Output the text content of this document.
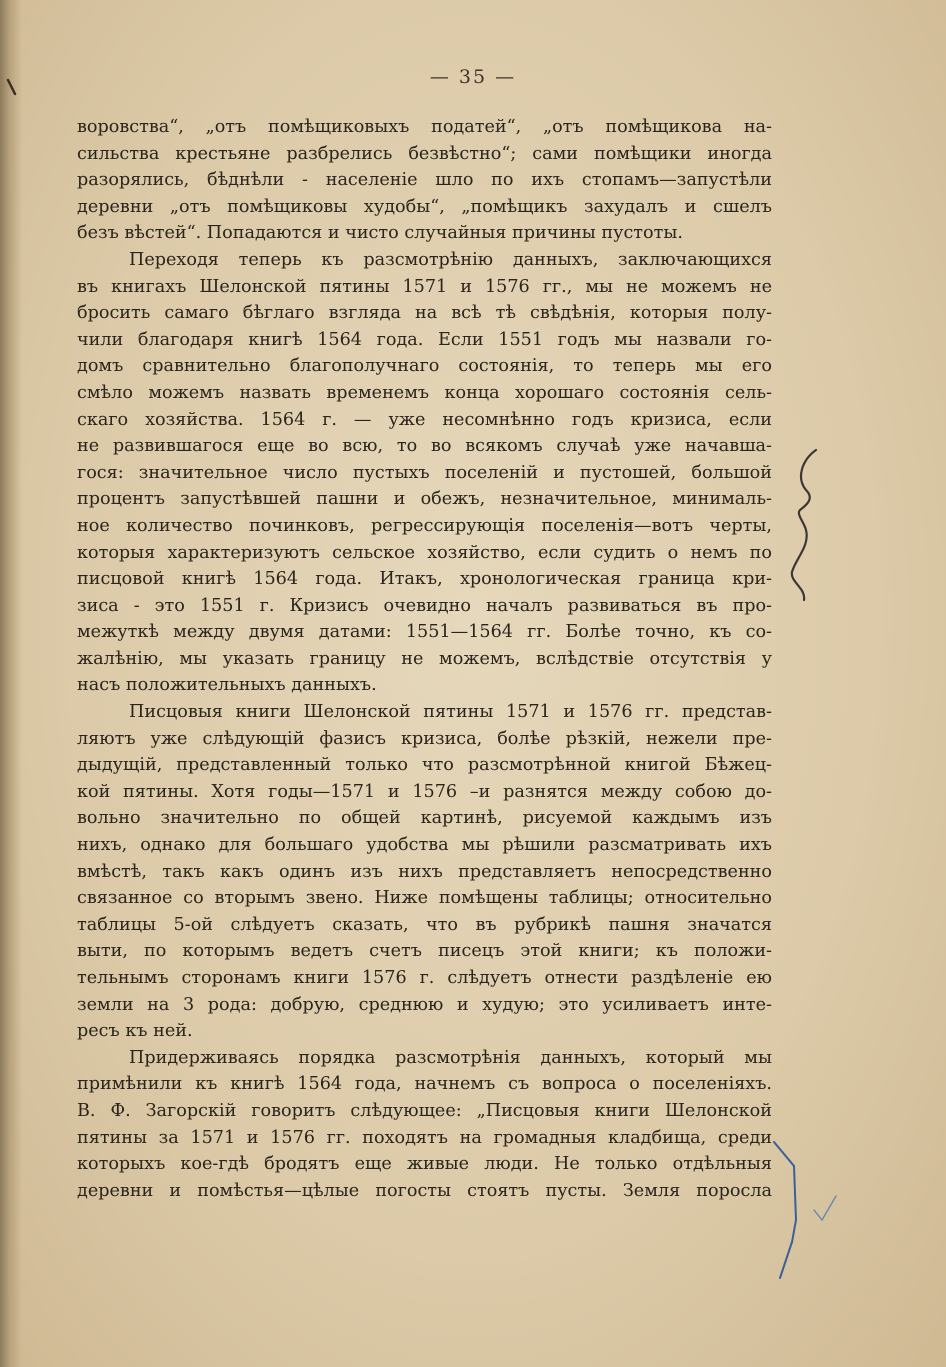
— 35 —
воровства“, „отъ помѣщиковыхъ податей“, „отъ помѣщикова на-
сильства крестьяне разбрелись безвѣстно“; сами помѣщики иногда
разорялись, бѣднѣли - населеніе шло по ихъ стопамъ—запустѣли
деревни „отъ помѣщиковы худобы“, „помѣщикъ захудалъ и сшелъ
безъ вѣстей“. Попадаются и чисто случайныя причины пустоты.
Переходя теперь къ разсмотрѣнію данныхъ, заключающихся
въ книгахъ Шелонской пятины 1571 и 1576 гг., мы не можемъ не
бросить самаго бѣглаго взгляда на всѣ тѣ свѣдѣнія, которыя полу-
чили благодаря книгѣ 1564 года. Если 1551 годъ мы назвали го-
домъ сравнительно благополучнаго состоянія, то теперь мы его
смѣло можемъ назвать временемъ конца хорошаго состоянія сель-
скаго хозяйства. 1564 г. — уже несомнѣнно годъ кризиса, если
не развившагося еще во всю, то во всякомъ случаѣ уже начавша-
гося: значительное число пустыхъ поселеній и пустошей, большой
процентъ запустѣвшей пашни и обежъ, незначительное, минималь-
ное количество починковъ, регрессирующія поселенія—вотъ черты,
которыя характеризуютъ сельское хозяйство, если судить о немъ по
писцовой книгѣ 1564 года. Итакъ, хронологическая граница кри-
зиса - это 1551 г. Кризисъ очевидно началъ развиваться въ про-
межуткѣ между двумя датами: 1551—1564 гг. Болѣе точно, къ со-
жалѣнію, мы указать границу не можемъ, вслѣдствіе отсутствія у
насъ положительныхъ данныхъ.
Писцовыя книги Шелонской пятины 1571 и 1576 гг. представ-
ляютъ уже слѣдующій фазисъ кризиса, болѣе рѣзкій, нежели пре-
дыдущій, представленный только что разсмотрѣнной книгой Бѣжец-
кой пятины. Хотя годы—1571 и 1576 –и разнятся между собою до-
вольно значительно по общей картинѣ, рисуемой каждымъ изъ
нихъ, однако для большаго удобства мы рѣшили разсматривать ихъ
вмѣстѣ, такъ какъ одинъ изъ нихъ представляетъ непосредственно
связанное со вторымъ звено. Ниже помѣщены таблицы; относительно
таблицы 5-ой слѣдуетъ сказать, что въ рубрикѣ пашня значатся
выти, по которымъ ведетъ счетъ писецъ этой книги; къ положи-
тельнымъ сторонамъ книги 1576 г. слѣдуетъ отнести раздѣленіе ею
земли на 3 рода: добрую, среднюю и худую; это усиливаетъ инте-
ресъ къ ней.
Придерживаясь порядка разсмотрѣнія данныхъ, который мы
примѣнили къ книгѣ 1564 года, начнемъ съ вопроса о поселеніяхъ.
В. Ф. Загорскій говоритъ слѣдующее: „Писцовыя книги Шелонской
пятины за 1571 и 1576 гг. походятъ на громадныя кладбища, среди
которыхъ кое-гдѣ бродятъ еще живые люди. Не только отдѣльныя
деревни и помѣстья—цѣлые погосты стоятъ пусты. Земля поросла
